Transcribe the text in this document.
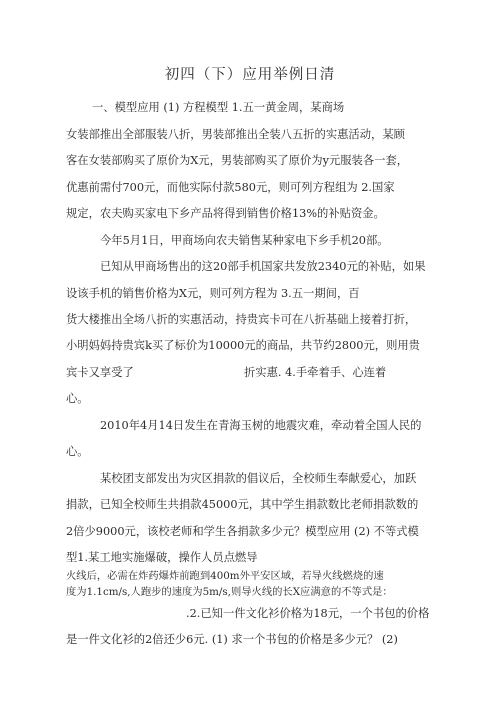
初四（下）应用举例日清
一、模型应用 (1) 方程模型 1.五一黄金周，某商场
女装部推出全部服装八折，男装部推出全装八五折的实惠活动，某顾
客在女装部购买了原价为X元，男装部购买了原价为y元服装各一套，
优惠前需付700元，而他实际付款580元，则可列方程组为 2.国家
规定，农夫购买家电下乡产品将得到销售价格13%的补贴资金。
今年5月1日，甲商场向农夫销售某种家电下乡手机20部。
已知从甲商场售出的这20部手机国家共发放2340元的补贴，如果
设该手机的销售价格为X元，则可列方程为 3.五一期间，百
货大楼推出全场八折的实惠活动，持贵宾卡可在八折基础上接着打折，
小明妈妈持贵宾k买了标价为10000元的商品，共节约2800元，则用贵
宾卡又享受了	折实惠. 4.手牵着手、心连着
心。
2010年4月14日发生在青海玉树的地震灾难，牵动着全国人民的
心。
某校团支部发出为灾区捐款的倡议后，全校师生奉献爱心，加跃
捐款，已知全校师生共捐款45000元，其中学生捐款数比老师捐款数的
2倍少9000元，该校老师和学生各捐款多少元？模型应用 (2) 不等式模
型1.某工地实施爆破，操作人员点燃导
火线后，必需在炸药爆炸前跑到400m外平安区域，若导火线燃烧的速
度为1.1cm/s,人跑步的速度为5m/s,则导火线的长X应满意的不等式是：
.2.已知一件文化衫价格为18元，一个书包的价格
是一件文化衫的2倍还少6元. (1) 求一个书包的价格是多少元？ (2)
